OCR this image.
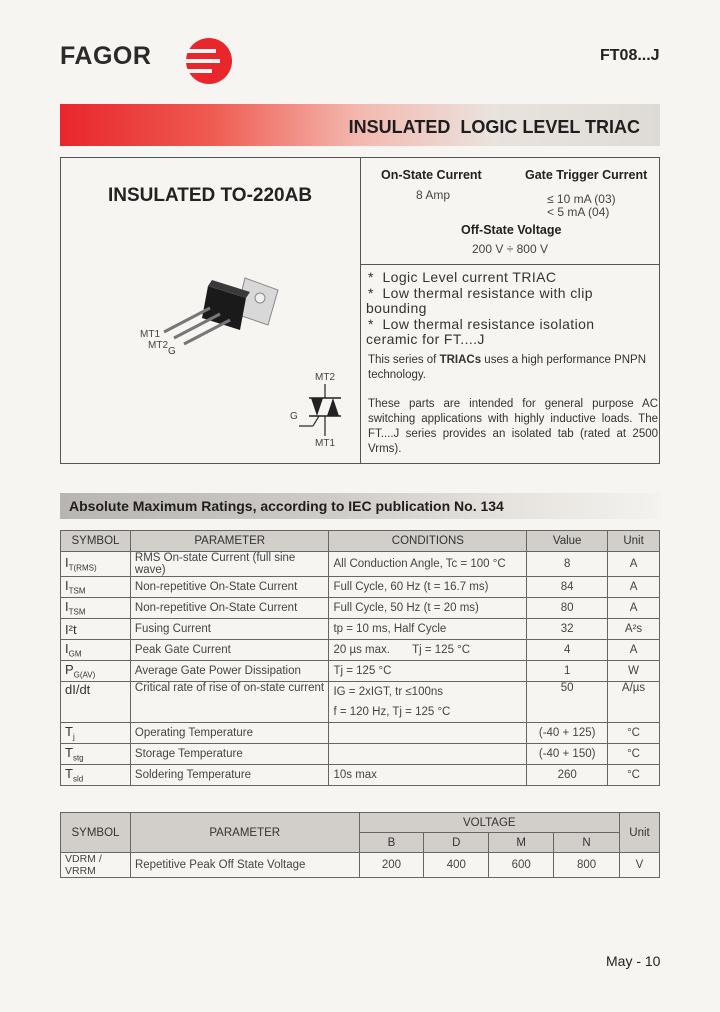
FAGOR	FT08...J
INSULATED  LOGIC LEVEL TRIAC
INSULATED TO-220AB
MT1
MT2
G
MT2
G
MT1
On-State Current
8 Amp
Gate Trigger Current
≤ 10 mA (03)
< 5 mA (04)
Off-State Voltage
200 V ÷ 800 V
* Logic Level current TRIAC
* Low thermal resistance with clip
bounding
* Low thermal resistance isolation
ceramic for FT....J
This series of TRIACs uses a high performance PNPN technology.
These parts are intended for general purpose AC switching applications with highly inductive loads. The FT....J series provides an isolated tab (rated at 2500 Vrms).
Absolute Maximum Ratings, according to IEC publication No. 134
SYMBOL	PARAMETER	CONDITIONS	Value	Unit
$I_{T(RMS)}$	RMS On-state Current (full sine wave)	All Conduction Angle, Tc = 100 °C	8	A
$I_{TSM}$	Non-repetitive On-State Current	Full Cycle, 60 Hz (t = 16.7 ms)	84	A
$I_{TSM}$	Non-repetitive On-State Current	Full Cycle, 50 Hz (t = 20 ms)	80	A
I²t	Fusing Current	tp = 10 ms, Half Cycle	32	A²s
$I_{GM}$	Peak Gate Current	20 µs max.       Tj = 125 °C	4	A
$P_{G(AV)}$	Average Gate Power Dissipation	Tj = 125 °C	1	W
dI/dt	Critical rate of rise of on-state current	IG = 2xIGT, tr ≤100ns
f = 120 Hz, Tj = 125 °C	50	A/µs
$T_j$	Operating Temperature		(-40 + 125)	°C
$T_{stg}$	Storage Temperature		(-40 + 150)	°C
$T_{sld}$	Soldering Temperature	10s max	260	°C
SYMBOL	PARAMETER	VOLTAGE				Unit
		B	D	M	N	
VDRM / VRRM	Repetitive Peak Off State Voltage	200	400	600	800	V
May - 10
